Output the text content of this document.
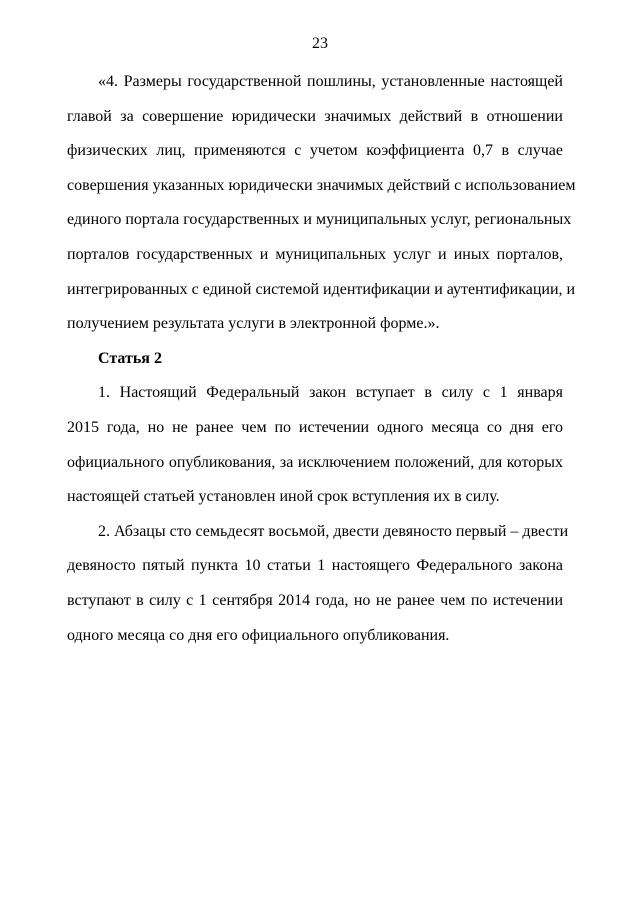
23
«4. Размеры государственной пошлины, установленные настоящей
главой за совершение юридически значимых действий в отношении
физических лиц, применяются с учетом коэффициента 0,7 в случае
совершения указанных юридически значимых действий с использованием
единого портала государственных и муниципальных услуг, региональных
порталов государственных и муниципальных услуг и иных порталов,
интегрированных с единой системой идентификации и аутентификации, и
получением результата услуги в электронной форме.».
Статья 2
1. Настоящий Федеральный закон вступает в силу с 1 января
2015 года, но не ранее чем по истечении одного месяца со дня его
официального опубликования, за исключением положений, для которых
настоящей статьей установлен иной срок вступления их в силу.
2. Абзацы сто семьдесят восьмой, двести девяносто первый – двести
девяносто пятый пункта 10 статьи 1 настоящего Федерального закона
вступают в силу с 1 сентября 2014 года, но не ранее чем по истечении
одного месяца со дня его официального опубликования.
